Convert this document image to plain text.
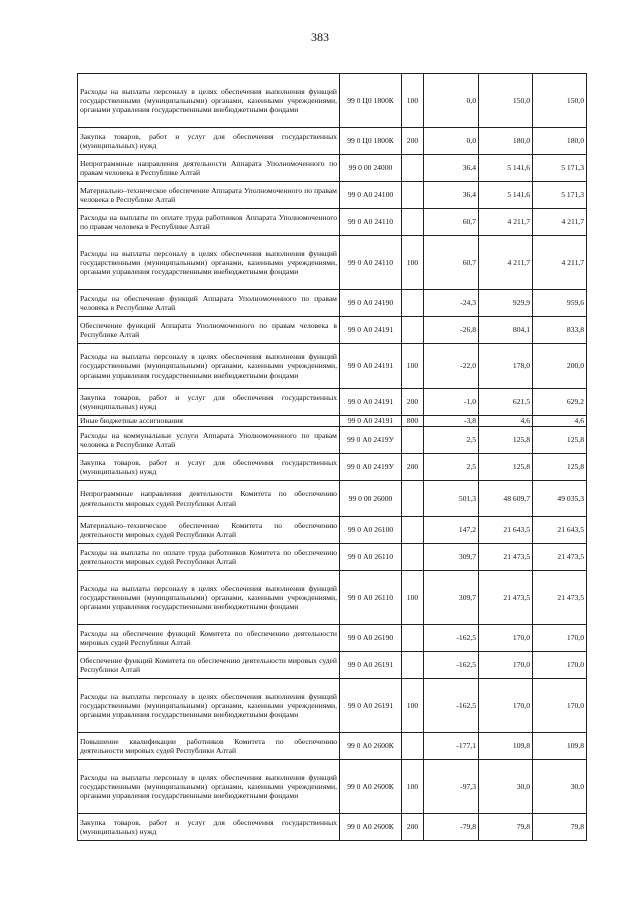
383
Расходы на выплаты персоналу в целях обеспечения выполнения функций государственными (муниципальными) органами, казенными учреждениями, органами управления государственными внебюджетными фондами	99 0 Ц0 1800К	100	0,0	150,0	150,0
Закупка товаров, работ и услуг для обеспечения государственных (муниципальных) нужд	99 0 Ц0 1800К	200	0,0	180,0	180,0
Непрограммные направления деятельности Аппарата Уполномоченного по правам человека в Республике Алтай	99 0 00 24000		36,4	5 141,6	5 171,3
Материально–техническое обеспечение Аппарата Уполномоченного по правам человека в Республике Алтай	99 0 А0 24100		36,4	5 141,6	5 171,3
Расходы на выплаты по оплате труда работников Аппарата Уполномоченного по правам человека в Республике Алтай	99 0 А0 24110		60,7	4 211,7	4 211,7
Расходы на выплаты персоналу в целях обеспечения выполнения функций государственными (муниципальными) органами, казенными учреждениями, органами управления государственными внебюджетными фондами	99 0 А0 24110	100	60,7	4 211,7	4 211,7
Расходы на обеспечение функций Аппарата Уполномоченного по правам человека в Республике Алтай	99 0 А0 24190		-24,3	929,9	959,6
Обеспечение функций Аппарата Уполномоченного по правам человека в Республике Алтай	99 0 А0 24191		-26,8	804,1	833,8
Расходы на выплаты персоналу в целях обеспечения выполнения функций государственными (муниципальными) органами, казенными учреждениями, органами управления государственными внебюджетными фондами	99 0 А0 24191	100	-22,0	178,0	200,0
Закупка товаров, работ и услуг для обеспечения государственных (муниципальных) нужд	99 0 А0 24191	200	-1,0	621,5	629,2
Иные бюджетные ассигнования	99 0 А0 24191	800	-3,8	4,6	4,6
Расходы на коммунальные услуги Аппарата Уполномоченного по правам человека в Республике Алтай	99 0 А0 2419У		2,5	125,8	125,8
Закупка товаров, работ и услуг для обеспечения государственных (муниципальных) нужд	99 0 А0 2419У	200	2,5	125,8	125,8
Непрограммные направления деятельности Комитета по обеспечению деятельности мировых судей Республики Алтай	99 0 00 26000		501,3	48 609,7	49 035,3
Материально–техническое обеспечение Комитета по обеспечению деятельности мировых судей Республики Алтай	99 0 А0 26100		147,2	21 643,5	21 643,5
Расходы на выплаты по оплате труда работников Комитета по обеспечению деятельности мировых судей Республики Алтай	99 0 А0 26110		309,7	21 473,5	21 473,5
Расходы на выплаты персоналу в целях обеспечения выполнения функций государственными (муниципальными) органами, казенными учреждениями, органами управления государственными внебюджетными фондами	99 0 А0 26110	100	309,7	21 473,5	21 473,5
Расходы на обеспечение функций Комитета по обеспечению деятельности мировых судей Республики Алтай	99 0 А0 26190		-162,5	170,0	170,0
Обеспечение функций Комитета по обеспечению деятельности мировых судей Республики Алтай	99 0 А0 26191		-162,5	170,0	170,0
Расходы на выплаты персоналу в целях обеспечения выполнения функций государственными (муниципальными) органами, казенными учреждениями, органами управления государственными внебюджетными фондами	99 0 А0 26191	100	-162,5	170,0	170,0
Повышение квалификации работников Комитета по обеспечению деятельности мировых судей Республики Алтай	99 0 А0 2600К		-177,1	109,8	109,8
Расходы на выплаты персоналу в целях обеспечения выполнения функций государственными (муниципальными) органами, казенными учреждениями, органами управления государственными внебюджетными фондами	99 0 А0 2600К	100	-97,3	30,0	30,0
Закупка товаров, работ и услуг для обеспечения государственных (муниципальных) нужд	99 0 А0 2600К	200	-79,8	79,8	79,8
